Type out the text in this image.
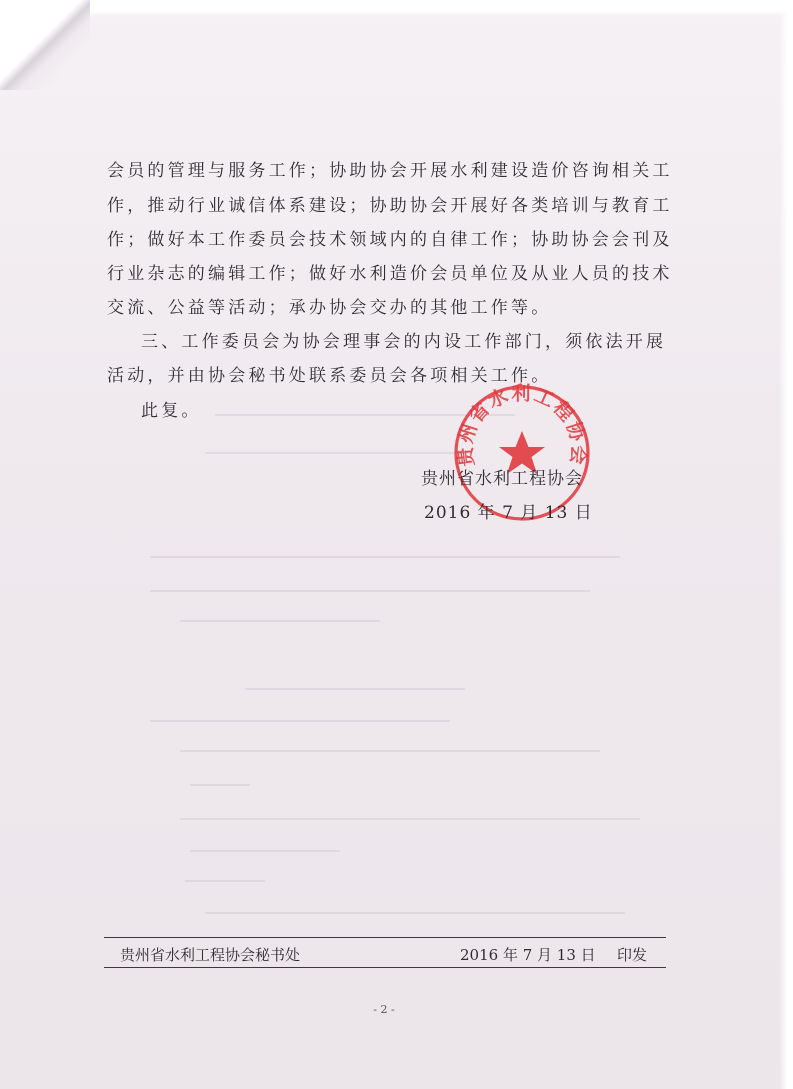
会员的管理与服务工作；协助协会开展水利建设造价咨询相关工
作，推动行业诚信体系建设；协助协会开展好各类培训与教育工
作；做好本工作委员会技术领域内的自律工作；协助协会会刊及
行业杂志的编辑工作；做好水利造价会员单位及从业人员的技术
交流、公益等活动；承办协会交办的其他工作等。
三、工作委员会为协会理事会的内设工作部门，须依法开展
活动，并由协会秘书处联系委员会各项相关工作。
此复。
贵州省水利工程协会
贵州省水利工程协会
2016 年 7 月 13 日
贵州省水利工程协会秘书处	2016 年 7 月 13 日 印发
- 2 -
